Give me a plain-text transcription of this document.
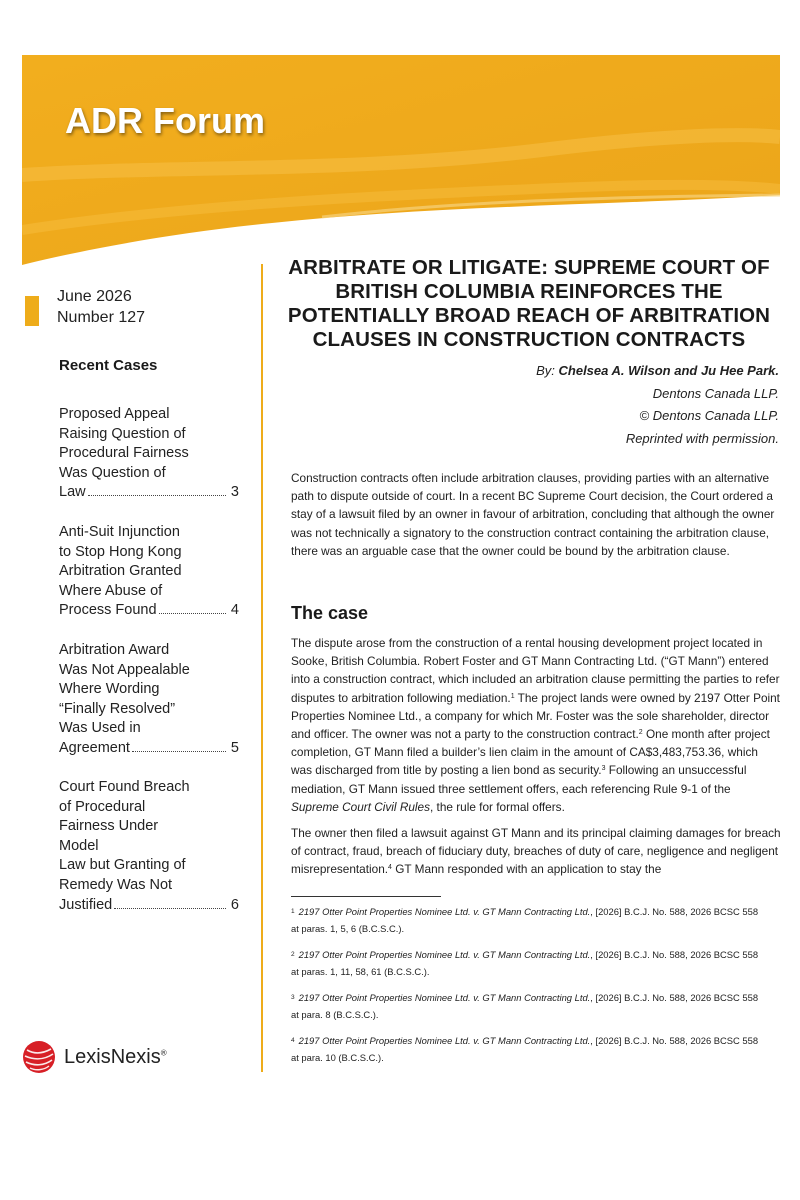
ADR Forum
June 2026
Number 127
Recent Cases
Proposed Appeal
Raising Question of
Procedural Fairness
Was Question of
Law	3
Anti-Suit Injunction
to Stop Hong Kong
Arbitration Granted
Where Abuse of
Process Found	4
Arbitration Award
Was Not Appealable
Where Wording
“Finally Resolved”
Was Used in
Agreement	5
Court Found Breach
of Procedural
Fairness Under Model
Law but Granting of
Remedy Was Not
Justified	6
LexisNexis®
ARBITRATE OR LITIGATE: SUPREME COURT OF BRITISH COLUMBIA REINFORCES THE POTENTIALLY BROAD REACH OF ARBITRATION CLAUSES IN CONSTRUCTION CONTRACTS
By: Chelsea A. Wilson and Ju Hee Park.
Dentons Canada LLP.
© Dentons Canada LLP.
Reprinted with permission.

Construction contracts often include arbitration clauses, providing parties with an alternative path to dispute outside of court. In a recent BC Supreme Court decision, the Court ordered a stay of a lawsuit filed by an owner in favour of arbitration, concluding that although the owner was not technically a signatory to the construction contract containing the arbitration clause, there was an arguable case that the owner could be bound by the arbitration clause.

The case

The dispute arose from the construction of a rental housing development project located in Sooke, British Columbia. Robert Foster and GT Mann Contracting Ltd. (“GT Mann”) entered into a construction contract, which included an arbitration clause permitting the parties to refer disputes to arbitration following mediation.$^1$ The project lands were owned by 2197 Otter Point Properties Nominee Ltd., a company for which Mr. Foster was the sole shareholder, director and officer. The owner was not a party to the construction contract.$^2$ One month after project completion, GT Mann filed a builder’s lien claim in the amount of CA$3,483,753.36, which was discharged from title by posting a lien bond as security.$^3$ Following an unsuccessful mediation, GT Mann issued three settlement offers, each referencing Rule 9-1 of the Supreme Court Civil Rules, the rule for formal offers.

The owner then filed a lawsuit against GT Mann and its principal claiming damages for breach of contract, fraud, breach of fiduciary duty, breaches of duty of care, negligence and negligent misrepresentation.$^4$ GT Mann responded with an application to stay the

$^1$ 2197 Otter Point Properties Nominee Ltd. v. GT Mann Contracting Ltd., [2026] B.C.J. No. 588, 2026 BCSC 558
at paras. 1, 5, 6 (B.C.S.C.).

$^2$ 2197 Otter Point Properties Nominee Ltd. v. GT Mann Contracting Ltd., [2026] B.C.J. No. 588, 2026 BCSC 558
at paras. 1, 11, 58, 61 (B.C.S.C.).

$^3$ 2197 Otter Point Properties Nominee Ltd. v. GT Mann Contracting Ltd., [2026] B.C.J. No. 588, 2026 BCSC 558
at para. 8 (B.C.S.C.).

$^4$ 2197 Otter Point Properties Nominee Ltd. v. GT Mann Contracting Ltd., [2026] B.C.J. No. 588, 2026 BCSC 558
at para. 10 (B.C.S.C.).
